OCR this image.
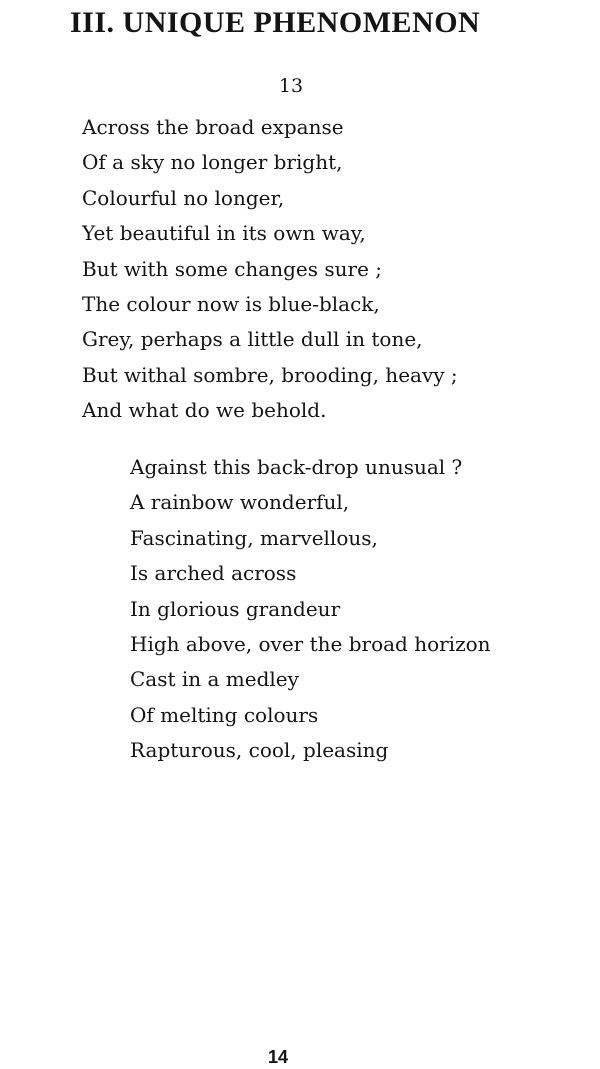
III. UNIQUE PHENOMENON
13
Across the broad expanse
Of a sky no longer bright,
Colourful no longer,
Yet beautiful in its own way,
But with some changes sure ;
The colour now is blue-black,
Grey, perhaps a little dull in tone,
But withal sombre, brooding, heavy ;
And what do we behold.
Against this back-drop unusual ?
A rainbow wonderful,
Fascinating, marvellous,
Is arched across
In glorious grandeur
High above, over the broad horizon
Cast in a medley
Of melting colours
Rapturous, cool, pleasing
14
